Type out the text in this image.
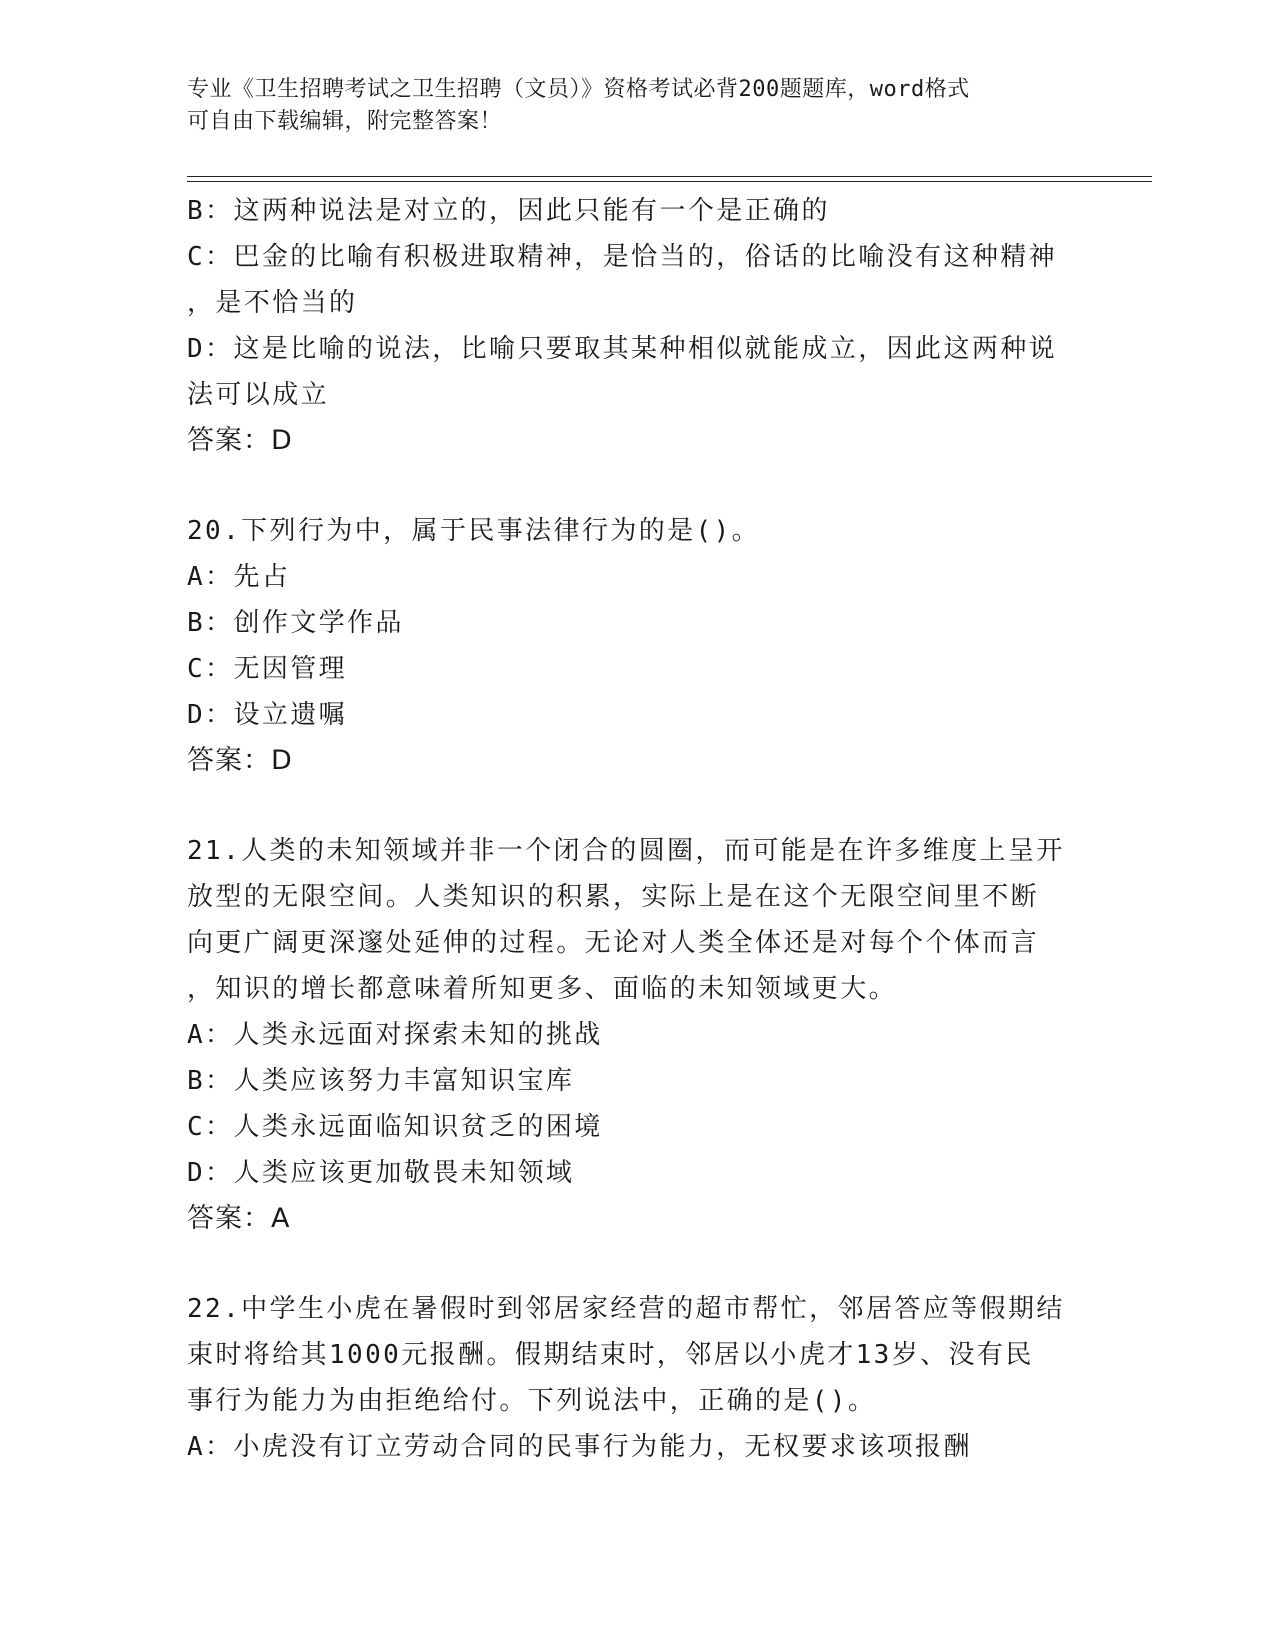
专业《卫生招聘考试之卫生招聘（文员）》资格考试必背200题题库，word格式
可自由下载编辑，附完整答案！
B：这两种说法是对立的，因此只能有一个是正确的
C：巴金的比喻有积极进取精神，是恰当的，俗话的比喻没有这种精神
，是不恰当的
D：这是比喻的说法，比喻只要取其某种相似就能成立，因此这两种说
法可以成立
答案：D
20.下列行为中，属于民事法律行为的是()。
A：先占
B：创作文学作品
C：无因管理
D：设立遗嘱
答案：D
21.人类的未知领域并非一个闭合的圆圈，而可能是在许多维度上呈开
放型的无限空间。人类知识的积累，实际上是在这个无限空间里不断
向更广阔更深邃处延伸的过程。无论对人类全体还是对每个个体而言
，知识的增长都意味着所知更多、面临的未知领域更大。
A：人类永远面对探索未知的挑战
B：人类应该努力丰富知识宝库
C：人类永远面临知识贫乏的困境
D：人类应该更加敬畏未知领域
答案：A
22.中学生小虎在暑假时到邻居家经营的超市帮忙，邻居答应等假期结
束时将给其1000元报酬。假期结束时，邻居以小虎才13岁、没有民
事行为能力为由拒绝给付。下列说法中，正确的是()。
A：小虎没有订立劳动合同的民事行为能力，无权要求该项报酬
